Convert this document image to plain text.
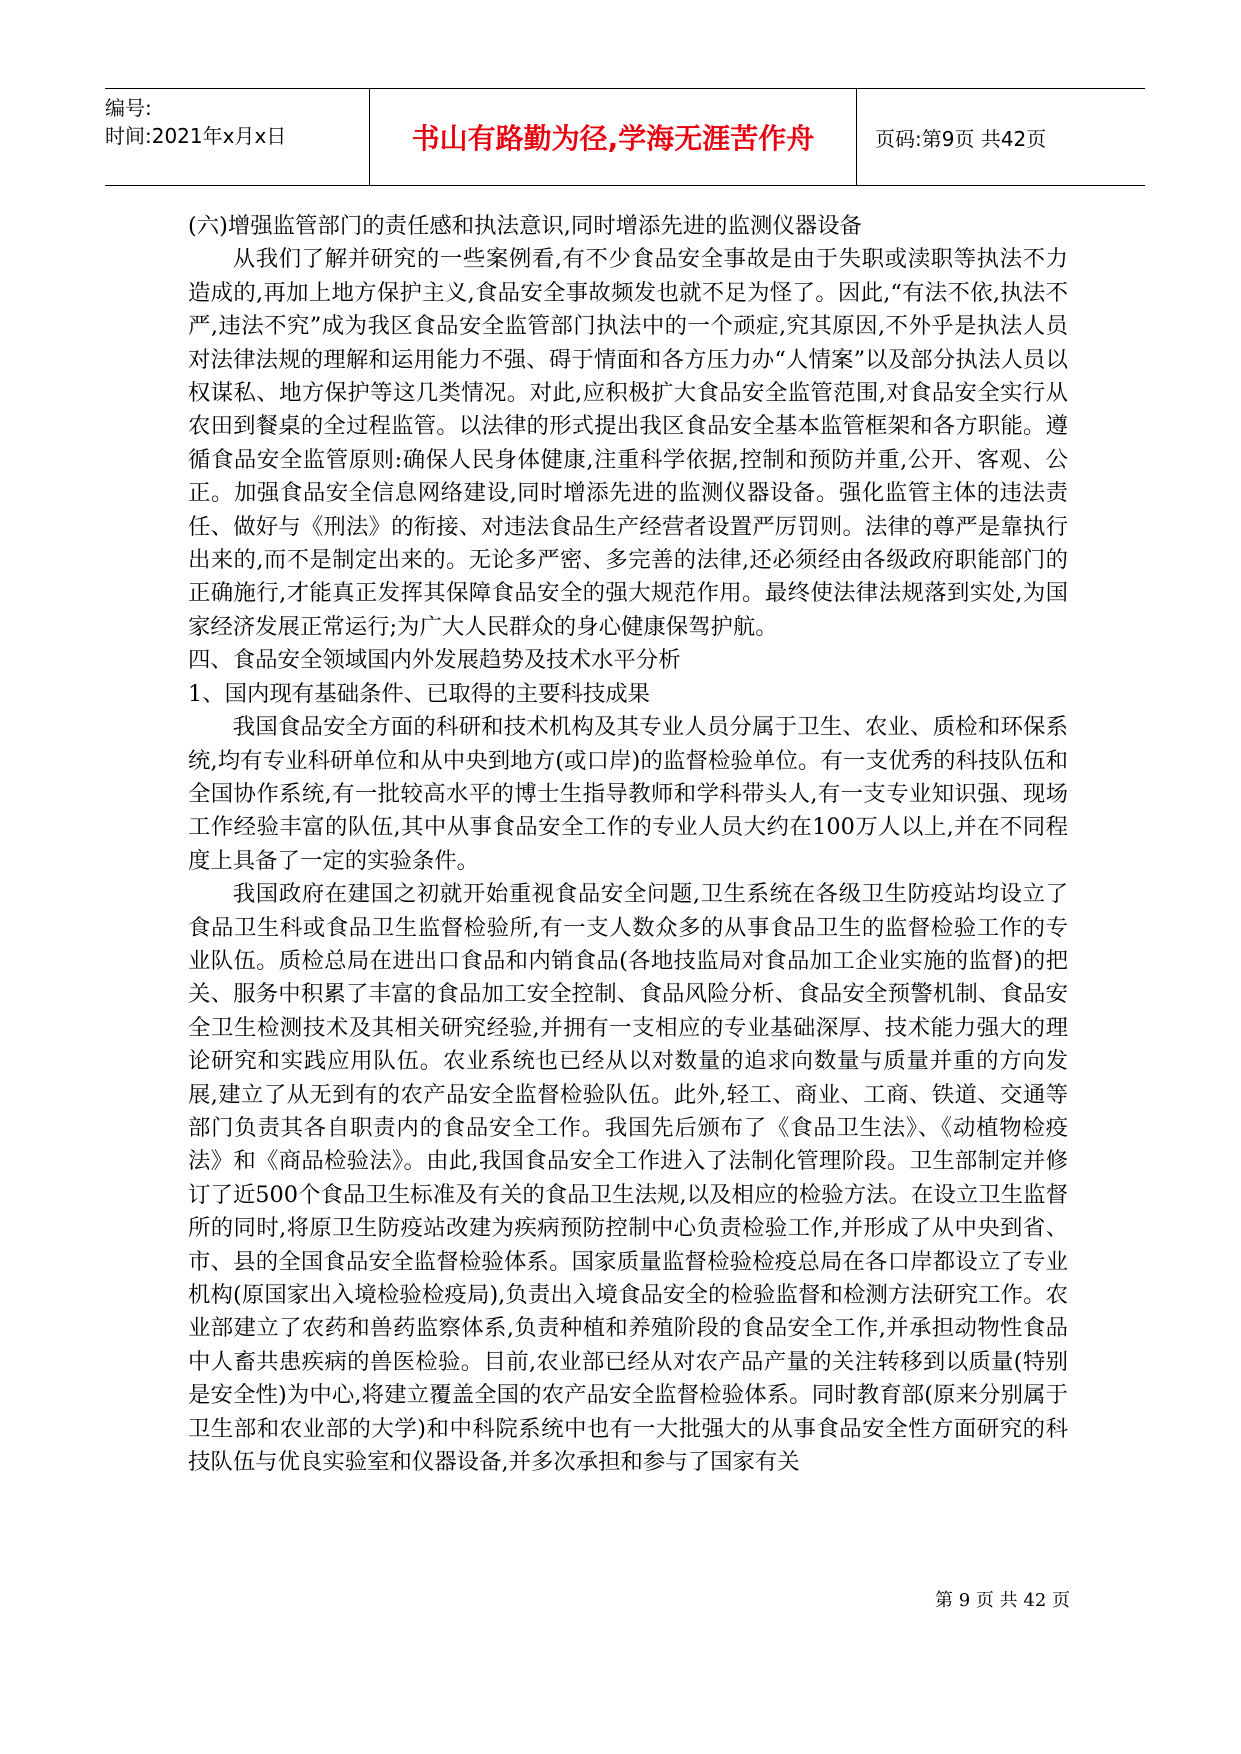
编号:
时间:2021年x月x日	书山有路勤为径,学海无涯苦作舟	页码:第9页 共42页

(六)增强监管部门的责任感和执法意识,同时增添先进的监测仪器设备

从我们了解并研究的一些案例看,有不少食品安全事故是由于失职或渎职等执法不力造成的,再加上地方保护主义,食品安全事故频发也就不足为怪了。因此,“有法不依,执法不严,违法不究”成为我区食品安全监管部门执法中的一个顽症,究其原因,不外乎是执法人员对法律法规的理解和运用能力不强、碍于情面和各方压力办“人情案”以及部分执法人员以权谋私、地方保护等这几类情况。对此,应积极扩大食品安全监管范围,对食品安全实行从农田到餐桌的全过程监管。以法律的形式提出我区食品安全基本监管框架和各方职能。遵循食品安全监管原则:确保人民身体健康,注重科学依据,控制和预防并重,公开、客观、公正。加强食品安全信息网络建设,同时增添先进的监测仪器设备。强化监管主体的违法责任、做好与《刑法》的衔接、对违法食品生产经营者设置严厉罚则。法律的尊严是靠执行出来的,而不是制定出来的。无论多严密、多完善的法律,还必须经由各级政府职能部门的正确施行,才能真正发挥其保障食品安全的强大规范作用。最终使法律法规落到实处,为国家经济发展正常运行;为广大人民群众的身心健康保驾护航。

四、食品安全领域国内外发展趋势及技术水平分析

1、国内现有基础条件、已取得的主要科技成果

我国食品安全方面的科研和技术机构及其专业人员分属于卫生、农业、质检和环保系统,均有专业科研单位和从中央到地方(或口岸)的监督检验单位。有一支优秀的科技队伍和全国协作系统,有一批较高水平的博士生指导教师和学科带头人,有一支专业知识强、现场工作经验丰富的队伍,其中从事食品安全工作的专业人员大约在100万人以上,并在不同程度上具备了一定的实验条件。

我国政府在建国之初就开始重视食品安全问题,卫生系统在各级卫生防疫站均设立了食品卫生科或食品卫生监督检验所,有一支人数众多的从事食品卫生的监督检验工作的专业队伍。质检总局在进出口食品和内销食品(各地技监局对食品加工企业实施的监督)的把关、服务中积累了丰富的食品加工安全控制、食品风险分析、食品安全预警机制、食品安全卫生检测技术及其相关研究经验,并拥有一支相应的专业基础深厚、技术能力强大的理论研究和实践应用队伍。农业系统也已经从以对数量的追求向数量与质量并重的方向发展,建立了从无到有的农产品安全监督检验队伍。此外,轻工、商业、工商、铁道、交通等部门负责其各自职责内的食品安全工作。我国先后颁布了《食品卫生法》、《动植物检疫法》和《商品检验法》。由此,我国食品安全工作进入了法制化管理阶段。卫生部制定并修订了近500个食品卫生标准及有关的食品卫生法规,以及相应的检验方法。在设立卫生监督所的同时,将原卫生防疫站改建为疾病预防控制中心负责检验工作,并形成了从中央到省、市、县的全国食品安全监督检验体系。国家质量监督检验检疫总局在各口岸都设立了专业机构(原国家出入境检验检疫局),负责出入境食品安全的检验监督和检测方法研究工作。农业部建立了农药和兽药监察体系,负责种植和养殖阶段的食品安全工作,并承担动物性食品中人畜共患疾病的兽医检验。目前,农业部已经从对农产品产量的关注转移到以质量(特别是安全性)为中心,将建立覆盖全国的农产品安全监督检验体系。同时教育部(原来分别属于卫生部和农业部的大学)和中科院系统中也有一大批强大的从事食品安全性方面研究的科技队伍与优良实验室和仪器设备,并多次承担和参与了国家有关

第 9 页 共 42 页
